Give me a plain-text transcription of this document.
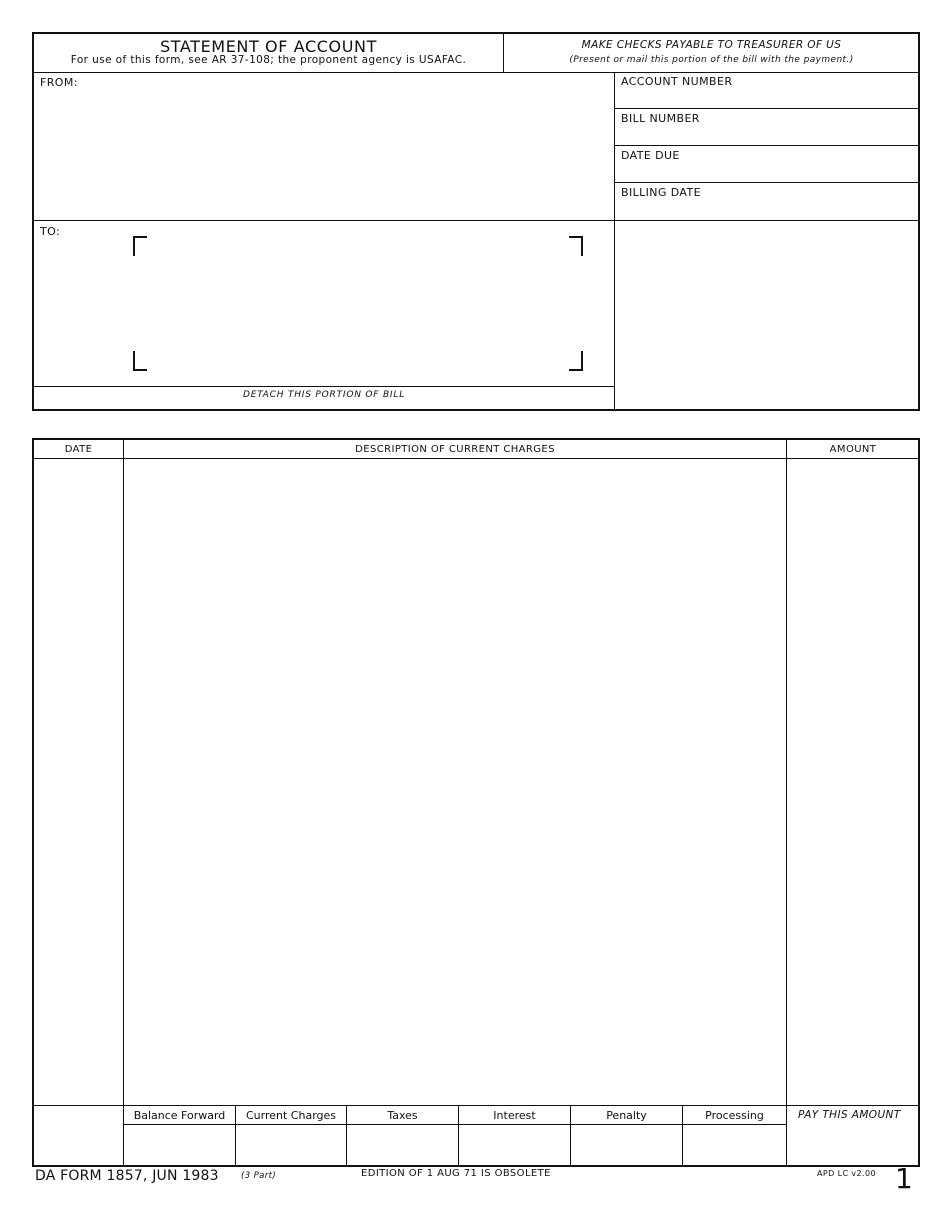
STATEMENT OF ACCOUNT
For use of this form, see AR 37-108; the proponent agency is USAFAC.
MAKE CHECKS PAYABLE TO TREASURER OF US
(Present or mail this portion of the bill with the payment.)
FROM:	ACCOUNT NUMBER
BILL NUMBER
DATE DUE
BILLING DATE
TO:
DETACH THIS PORTION OF BILL
DATE	DESCRIPTION OF CURRENT CHARGES	AMOUNT
Balance Forward	Current Charges	Taxes	Interest	Penalty	Processing	PAY THIS AMOUNT
DA FORM 1857, JUN 1983	(3 Part)	EDITION OF 1 AUG 71 IS OBSOLETE	APD LC v2.00 1
